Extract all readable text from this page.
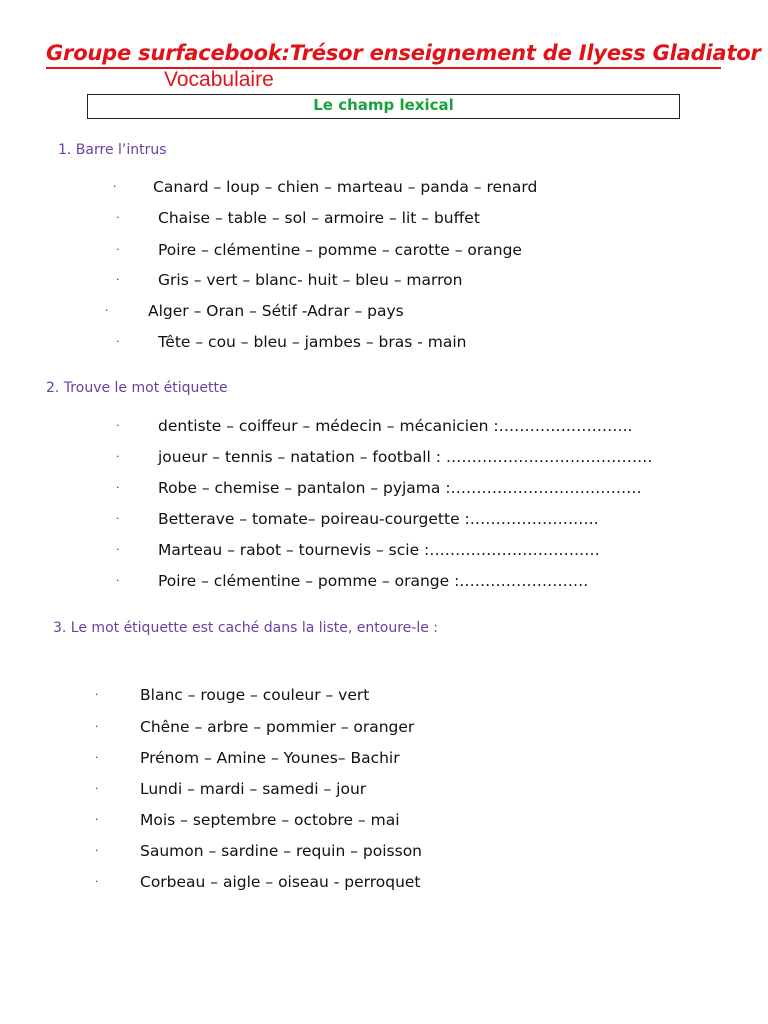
Groupe surfacebook:Trésor enseignement de Ilyess Gladiator
Vocabulaire
Le champ lexical
1. Barre l’intrus
· Canard – loup – chien – marteau – panda – renard
· Chaise – table – sol – armoire – lit – buffet
· Poire – clémentine – pomme – carotte – orange
· Gris – vert – blanc- huit – bleu – marron
·	Alger – Oran – Sétif -Adrar – pays
· Tête – cou – bleu – jambes – bras - main
2. Trouve le mot étiquette
· dentiste – coiffeur – médecin – mécanicien :……………………..
· joueur – tennis – natation – football : ………………………………….
· Robe – chemise – pantalon – pyjama :……………………………….
· Betterave – tomate– poireau-courgette :…………………….
· Marteau – rabot – tournevis – scie :……………………………
· Poire – clémentine – pomme – orange :…………………….
3. Le mot étiquette est caché dans la liste, entoure-le :
·	Blanc – rouge – couleur – vert
·	Chêne – arbre – pommier – oranger
·	Prénom – Amine – Younes– Bachir
·	Lundi – mardi – samedi – jour
·	Mois – septembre – octobre – mai
·	Saumon – sardine – requin – poisson
·	Corbeau – aigle – oiseau - perroquet
